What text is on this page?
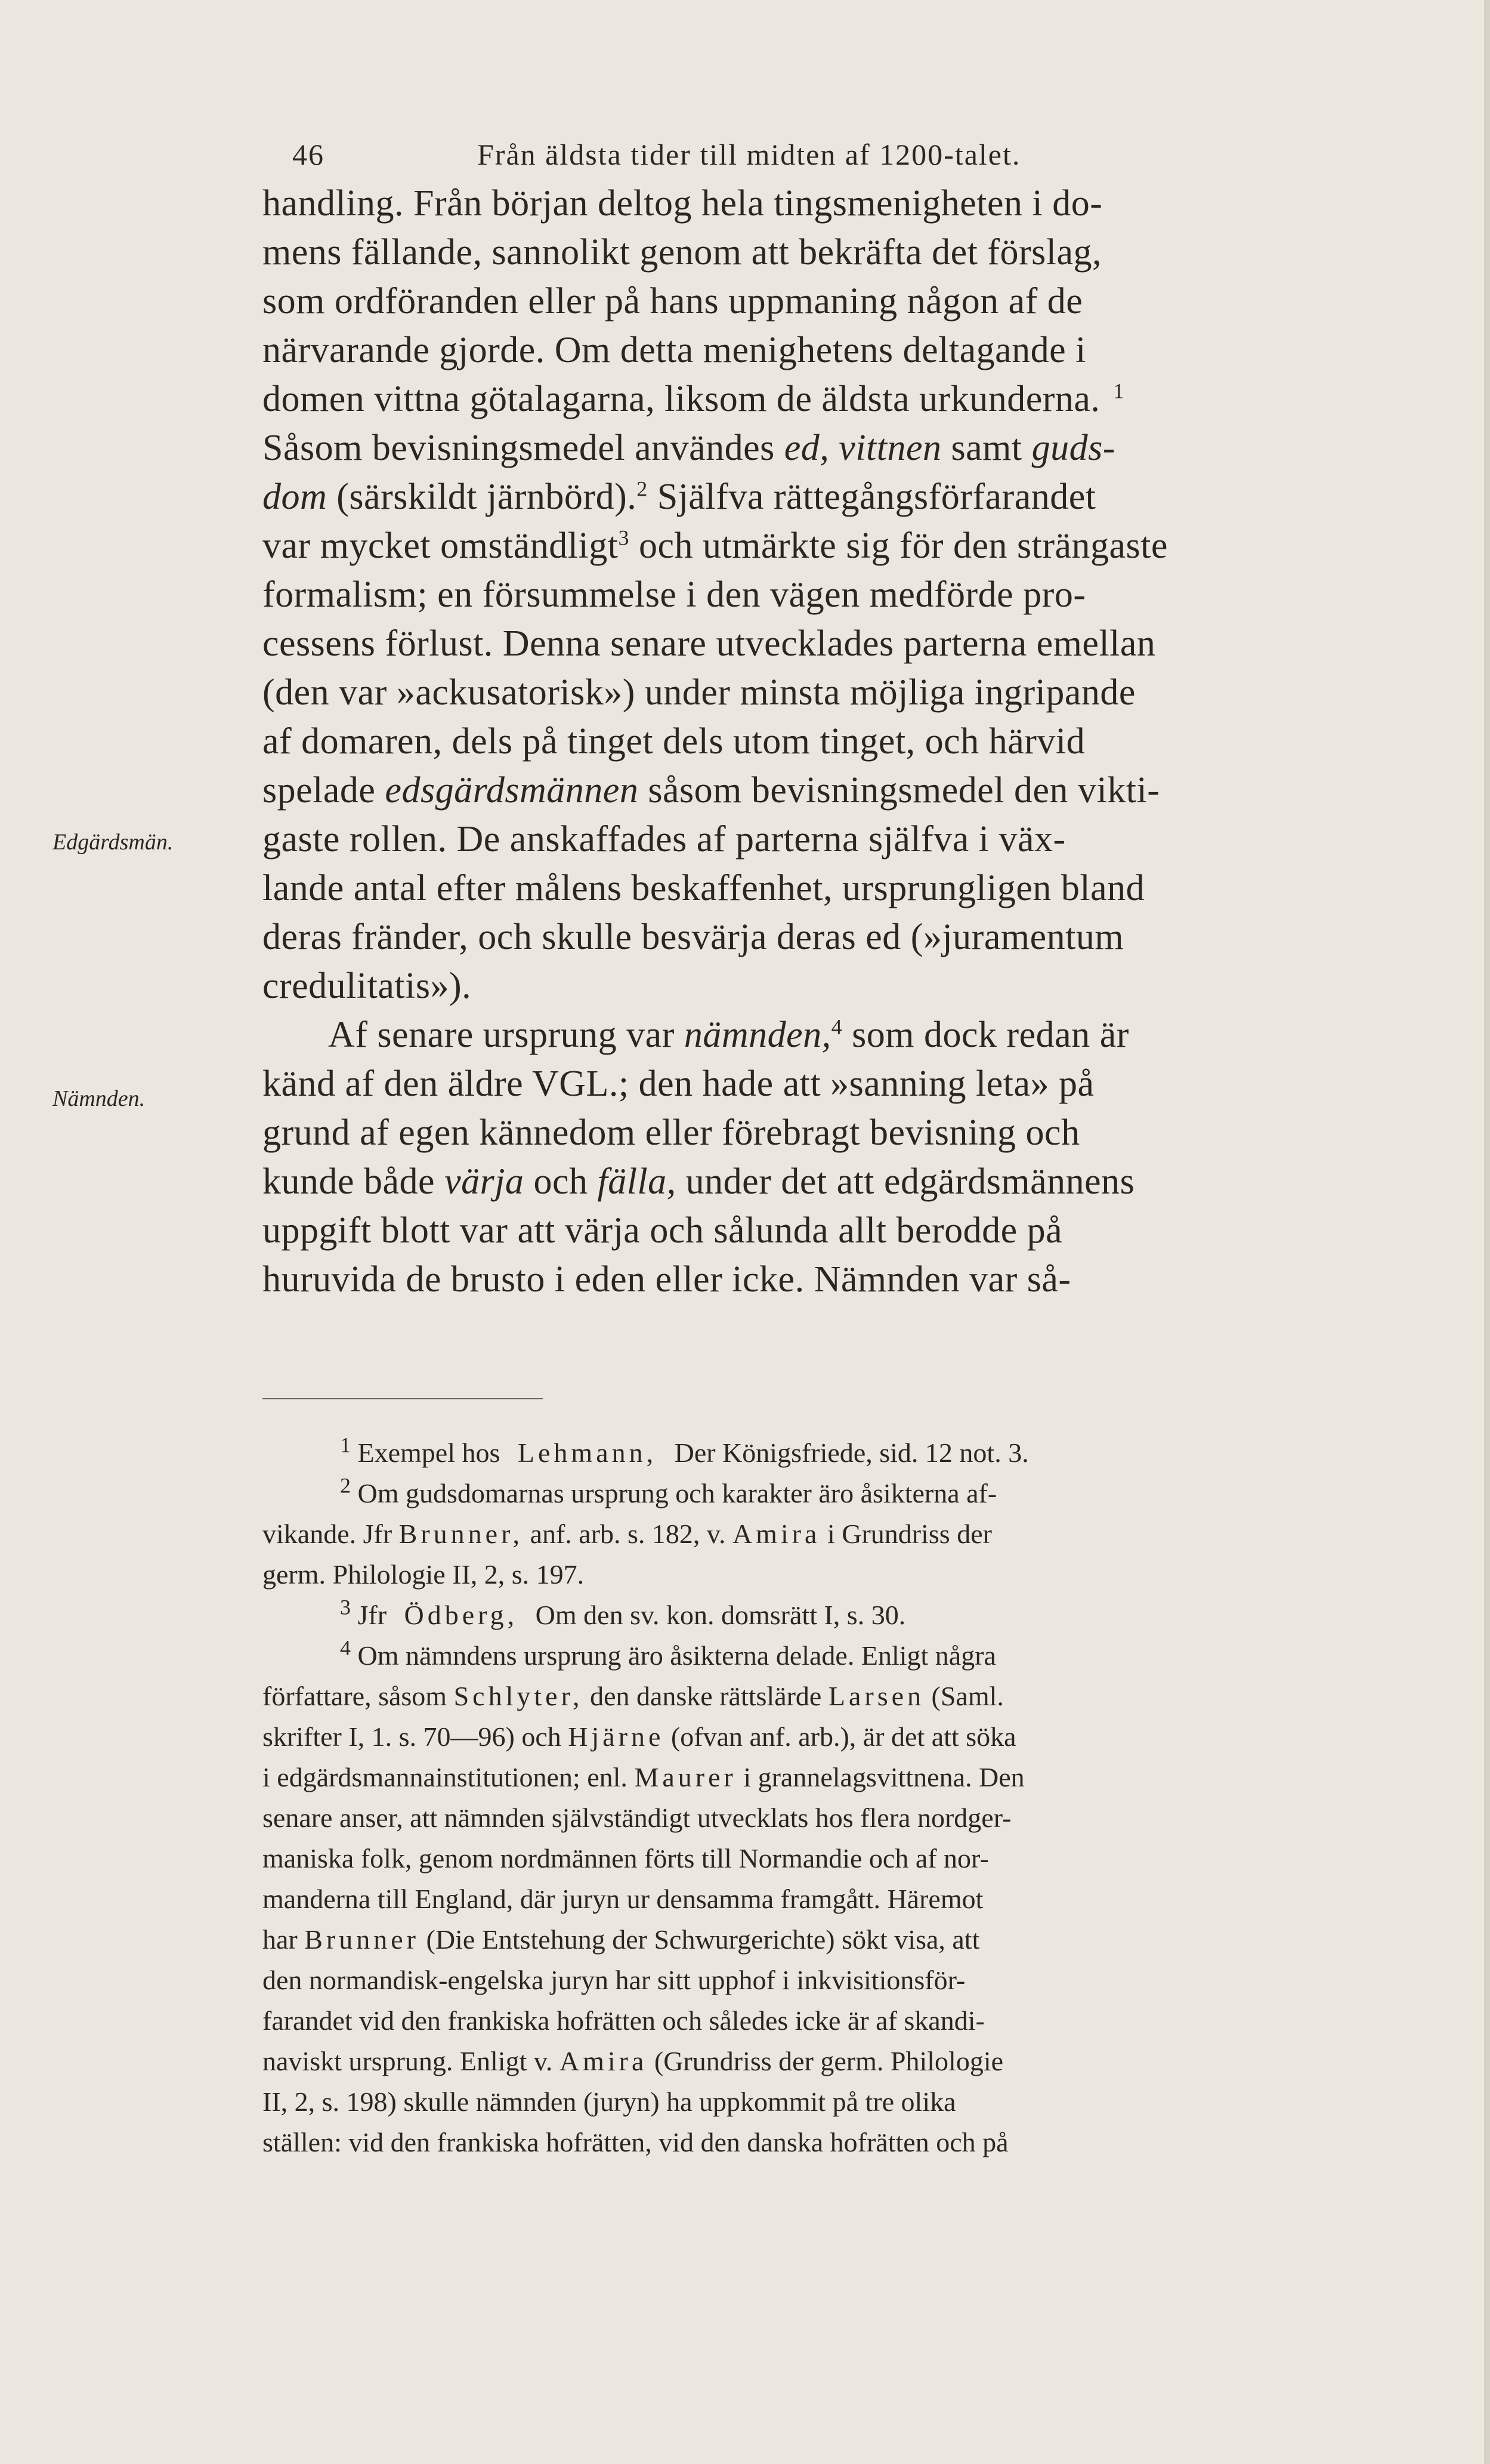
46	Från äldsta tider till midten af 1200-talet.
Edgärdsmän.
Nämnden.
handling. Från början deltog hela tingsmenigheten i do-
mens fällande, sannolikt genom att bekräfta det förslag,
som ordföranden eller på hans uppmaning någon af de
närvarande gjorde. Om detta menighetens deltagande i
domen vittna götalagarna, liksom de äldsta urkunderna. $^1$
Såsom bevisningsmedel användes ed, vittnen samt guds-
dom (särskildt järnbörd).$^2$ Själfva rättegångsförfarandet
var mycket omständligt$^3$ och utmärkte sig för den strängaste
formalism; en försummelse i den vägen medförde pro-
cessens förlust. Denna senare utvecklades parterna emellan
(den var »ackusatorisk») under minsta möjliga ingripande
af domaren, dels på tinget dels utom tinget, och härvid
spelade edsgärdsmännen såsom bevisningsmedel den vikti-
gaste rollen. De anskaffades af parterna själfva i väx-
lande antal efter målens beskaffenhet, ursprungligen bland
deras fränder, och skulle besvärja deras ed (»juramentum
credulitatis»).
Af senare ursprung var nämnden,$^4$ som dock redan är
känd af den äldre VGL.; den hade att »sanning leta» på
grund af egen kännedom eller förebragt bevisning och
kunde både värja och fälla, under det att edgärdsmännens
uppgift blott var att värja och sålunda allt berodde på
huruvida de brusto i eden eller icke. Nämnden var så-
$^1$ Exempel hos Lehmann, Der Königsfriede, sid. 12 not. 3.
$^2$ Om gudsdomarnas ursprung och karakter äro åsikterna af-
vikande. Jfr Brunner, anf. arb. s. 182, v. Amira i Grundriss der
germ. Philologie II, 2, s. 197.
$^3$ Jfr Ödberg, Om den sv. kon. domsrätt I, s. 30.
$^4$ Om nämndens ursprung äro åsikterna delade. Enligt några
författare, såsom Schlyter, den danske rättslärde Larsen (Saml.
skrifter I, 1. s. 70—96) och Hjärne (ofvan anf. arb.), är det att söka
i edgärdsmannainstitutionen; enl. Maurer i grannelagsvittnena. Den
senare anser, att nämnden självständigt utvecklats hos flera nordger-
maniska folk, genom nordmännen förts till Normandie och af nor-
manderna till England, där juryn ur densamma framgått. Häremot
har Brunner (Die Entstehung der Schwurgerichte) sökt visa, att
den normandisk-engelska juryn har sitt upphof i inkvisitionsför-
farandet vid den frankiska hofrätten och således icke är af skandi-
naviskt ursprung. Enligt v. Amira (Grundriss der germ. Philologie
II, 2, s. 198) skulle nämnden (juryn) ha uppkommit på tre olika
ställen: vid den frankiska hofrätten, vid den danska hofrätten och på
